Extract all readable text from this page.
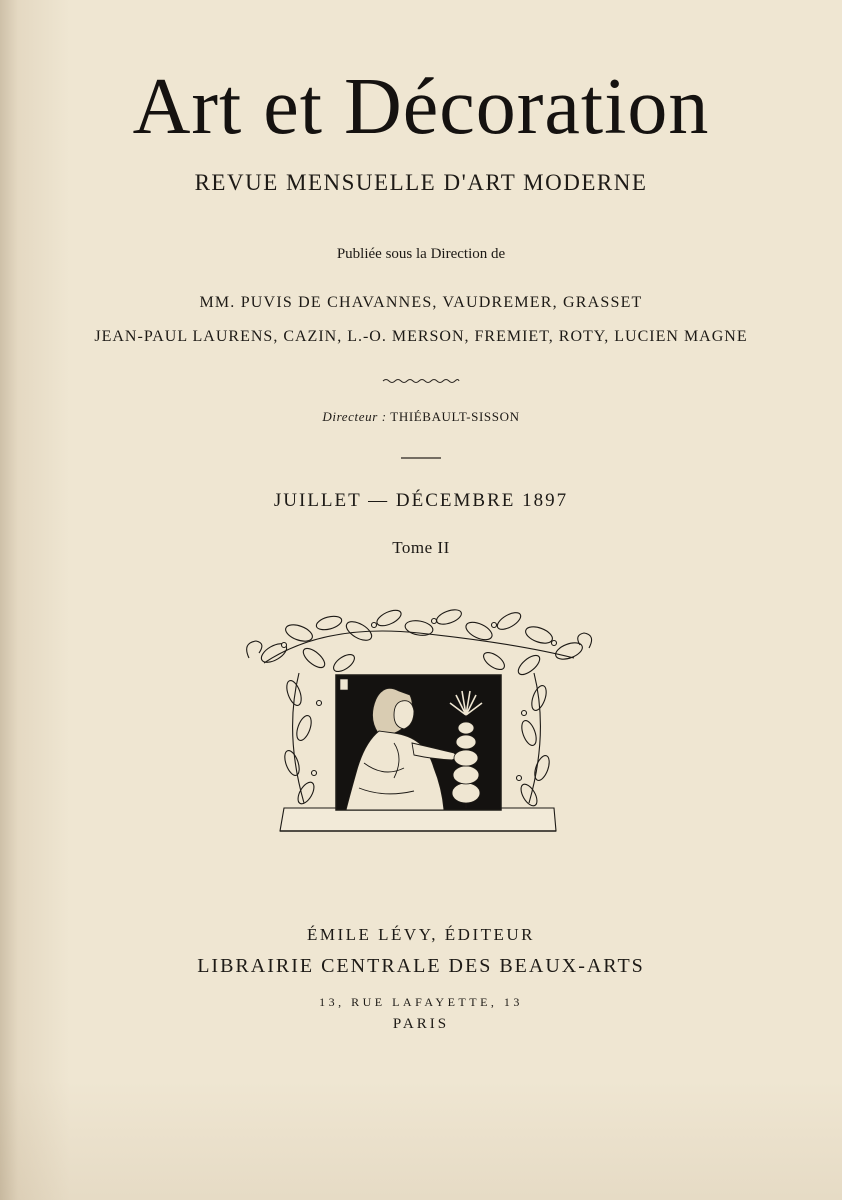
Art et Décoration
REVUE MENSUELLE D'ART MODERNE
Publiée sous la Direction de
MM. PUVIS DE CHAVANNES, VAUDREMER, GRASSET
JEAN-PAUL LAURENS, CAZIN, L.-O. MERSON, FREMIET, ROTY, LUCIEN MAGNE
Directeur : THIÉBAULT-SISSON
JUILLET — DÉCEMBRE 1897
Tome II
ÉMILE LÉVY, ÉDITEUR
LIBRAIRIE CENTRALE DES BEAUX-ARTS
13, RUE LAFAYETTE, 13
PARIS
